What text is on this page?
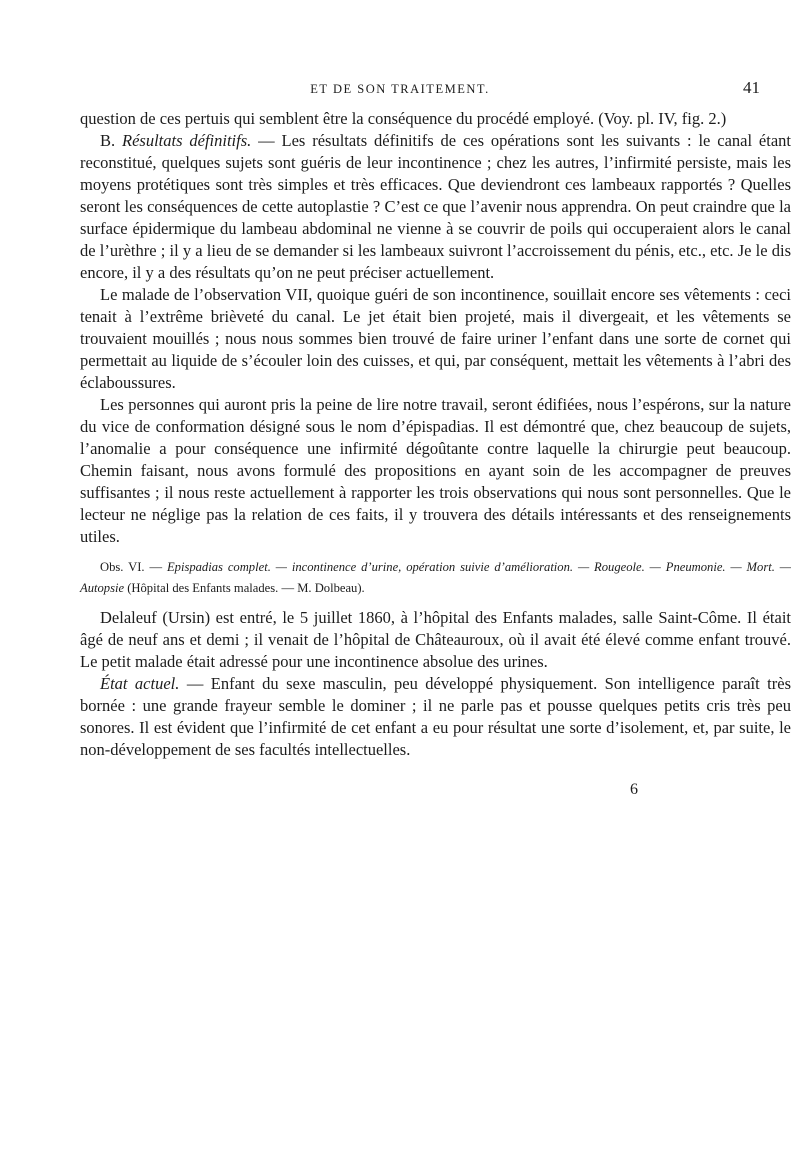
ET DE SON TRAITEMENT.	41

question de ces pertuis qui semblent être la conséquence du procédé employé. (Voy. pl. IV, fig. 2.)

B. Résultats définitifs. — Les résultats définitifs de ces opérations sont les suivants : le canal étant reconstitué, quelques sujets sont guéris de leur incontinence ; chez les autres, l’infirmité persiste, mais les moyens protétiques sont très simples et très efficaces. Que deviendront ces lambeaux rapportés ? Quelles seront les conséquences de cette autoplastie ? C’est ce que l’avenir nous apprendra. On peut craindre que la surface épidermique du lambeau abdominal ne vienne à se couvrir de poils qui occuperaient alors le canal de l’urèthre ; il y a lieu de se demander si les lambeaux suivront l’accroissement du pénis, etc., etc. Je le dis encore, il y a des résultats qu’on ne peut préciser actuellement.

Le malade de l’observation VII, quoique guéri de son incontinence, souillait encore ses vêtements : ceci tenait à l’extrême brièveté du canal. Le jet était bien projeté, mais il divergeait, et les vêtements se trouvaient mouillés ; nous nous sommes bien trouvé de faire uriner l’enfant dans une sorte de cornet qui permettait au liquide de s’écouler loin des cuisses, et qui, par conséquent, mettait les vêtements à l’abri des éclaboussures.

Les personnes qui auront pris la peine de lire notre travail, seront édifiées, nous l’espérons, sur la nature du vice de conformation désigné sous le nom d’épispadias. Il est démontré que, chez beaucoup de sujets, l’anomalie a pour conséquence une infirmité dégoûtante contre laquelle la chirurgie peut beaucoup. Chemin faisant, nous avons formulé des propositions en ayant soin de les accompagner de preuves suffisantes ; il nous reste actuellement à rapporter les trois observations qui nous sont personnelles. Que le lecteur ne néglige pas la relation de ces faits, il y trouvera des détails intéressants et des renseignements utiles.

Obs. VI. — Epispadias complet. — incontinence d’urine, opération suivie d’amélioration. — Rougeole. — Pneumonie. — Mort. — Autopsie (Hôpital des Enfants malades. — M. Dolbeau).

Delaleuf (Ursin) est entré, le 5 juillet 1860, à l’hôpital des Enfants malades, salle Saint-Côme. Il était âgé de neuf ans et demi ; il venait de l’hôpital de Châteauroux, où il avait été élevé comme enfant trouvé. Le petit malade était adressé pour une incontinence absolue des urines.

État actuel. — Enfant du sexe masculin, peu développé physiquement. Son intelligence paraît très bornée : une grande frayeur semble le dominer ; il ne parle pas et pousse quelques petits cris très peu sonores. Il est évident que l’infirmité de cet enfant a eu pour résultat une sorte d’isolement, et, par suite, le non-développement de ses facultés intellectuelles.

6
